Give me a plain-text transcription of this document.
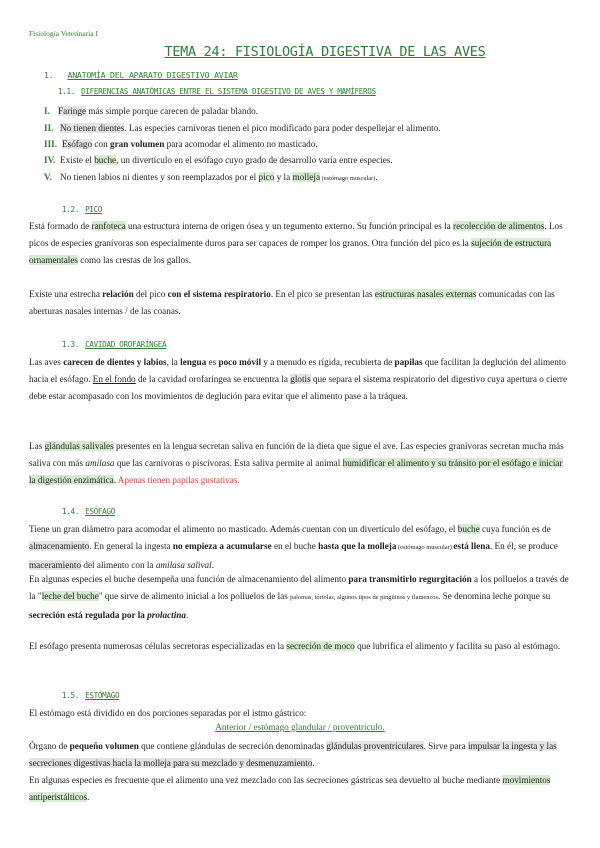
Fisiología Veterinaria I
TEMA 24: FISIOLOGÍA DIGESTIVA DE LAS AVES
1. ANATOMÍA DEL APARATO DIGESTIVO AVIAR
1.1. DIFERENCIAS ANATÓMICAS ENTRE EL SISTEMA DIGESTIVO DE AVES Y MAMÍFEROS
I. Faringe más simple porque carecen de paladar blando.
II. No tienen dientes. Las especies carnívoras tienen el pico modificado para poder despellejar el alimento.
III. Esófago con gran volumen para acomodar el alimento no masticado.
IV. Existe el buche, un divertículo en el esófago cuyo grado de desarrollo varía entre especies.
V. No tienen labios ni dientes y son reemplazados por el pico y la molleja (estómago muscular).
1.2. PICO
Está formado de ranfoteca una estructura interna de origen ósea y un tegumento externo. Su función principal es la recolección de alimentos. Los picos de especies granívoras son especialmente duros para ser capaces de romper los granos. Otra función del pico es la sujeción de estructura ornamentales como las crestas de los gallos.
Existe una estrecha relación del pico con el sistema respiratorio. En el pico se presentan las estructuras nasales externas comunicadas con las aberturas nasales internas / de las coanas.
1.3. CAVIDAD OROFARÍNGEA
Las aves carecen de dientes y labios, la lengua es poco móvil y a menudo es rígida, recubierta de papilas que facilitan la deglución del alimento hacia el esófago. En el fondo de la cavidad orofaríngea se encuentra la glotis que separa el sistema respiratorio del digestivo cuya apertura o cierre debe estar acompasado con los movimientos de deglución para evitar que el alimento pase a la tráquea.
Las glándulas salivales presentes en la lengua secretan saliva en función de la dieta que sigue el ave. Las especies granívoras secretan mucha más saliva con más amilasa que las carnívoras o piscívoras. Esta saliva permite al animal humidificar el alimento y su tránsito por el esófago e iniciar la digestión enzimática. Apenas tienen papilas gustativas.
1.4. ESÓFAGO
Tiene un gran diámetro para acomodar el alimento no masticado. Además cuentan con un divertículo del esófago, el buche cuya función es de almacenamiento. En general la ingesta no empieza a acumularse en el buche hasta que la molleja (estómago muscular) está llena. En él, se produce maceramiento del alimento con la amilasa salival.
En algunas especies el buche desempeña una función de almacenamiento del alimento para transmitirlo regurgitación a los polluelos a través de la "leche del buche" que sirve de alimento inicial a los polluelos de las palomas, tórtolas, algunos tipos de pingüinos y flamencos. Se denomina leche porque su secreción está regulada por la prolactina.
El esófago presenta numerosas células secretoras especializadas en la secreción de moco que lubrifica el alimento y facilita su paso al estómago.
1.5. ESTÓMAGO
El estómago está dividido en dos porciones separadas por el istmo gástrico:
Anterior / estómago glandular / proventrículo.
Órgano de pequeño volumen que contiene glándulas de secreción denominadas glándulas proventriculares. Sirve para impulsar la ingesta y las secreciones digestivas hacia la molleja para su mezclado y desmenuzamiento.
En algunas especies es frecuente que el alimento una vez mezclado con las secreciones gástricas sea devuelto al buche mediante movimientos antiperistálticos.
